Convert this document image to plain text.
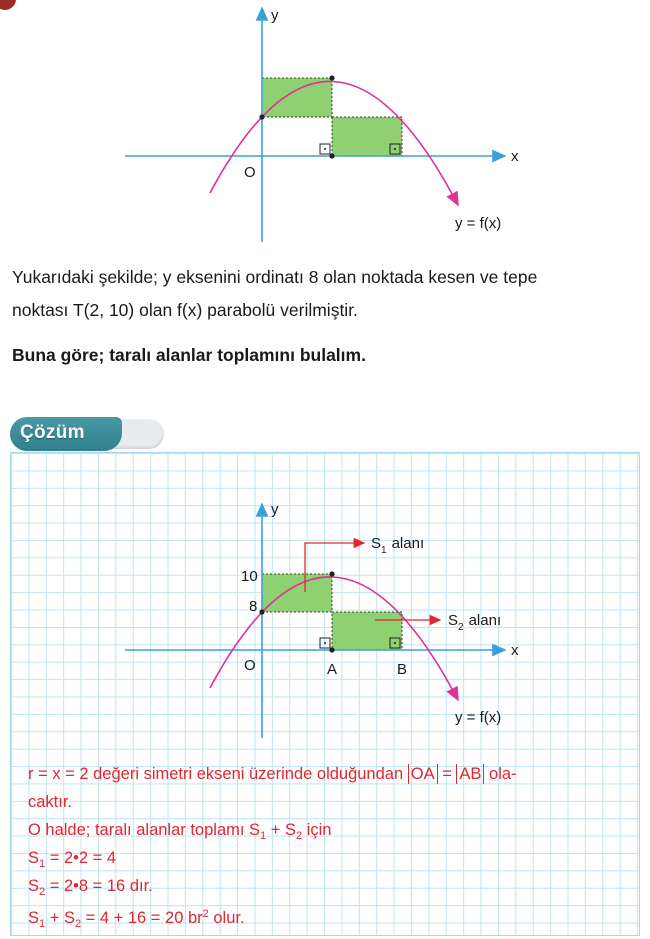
y
x
O
y = f(x)
Yukarıdaki şekilde; y eksenini ordinatı 8 olan noktada kesen ve tepe
noktası T(2, 10) olan f(x) parabolü verilmiştir.
Buna göre; taralı alanlar toplamını bulalım.
Çözüm
y
x
O
10
8
A	B
y = f(x)
$S_1$ alanı
$S_2$ alanı
r = x = 2 değeri simetri ekseni üzerinde olduğundan OA = AB ola-
caktır.
O halde; taralı alanlar toplamı $S_1 + S_2$ için
$S_1$ = 2•2 = 4
$S_2$ = 2•8 = 16 dır.
$S_1 + S_2 = 4 + 16 = 20$ $br^2$ olur.
